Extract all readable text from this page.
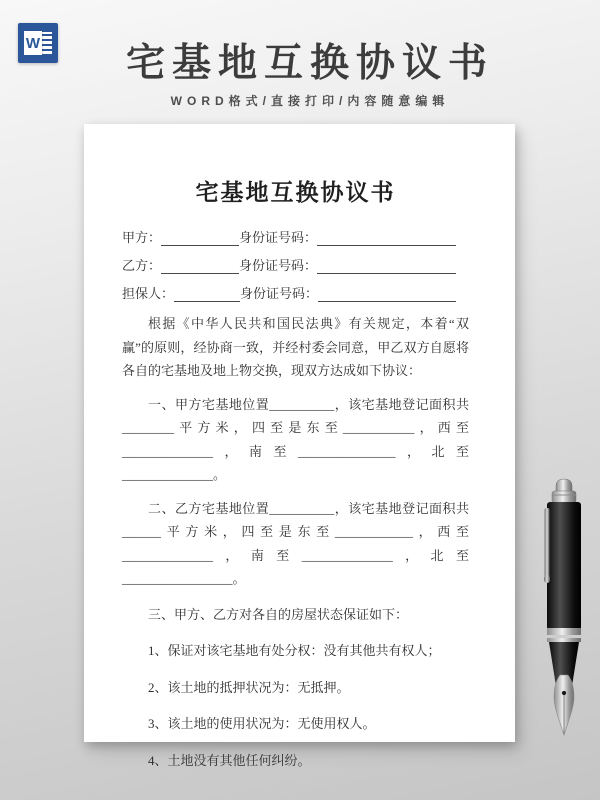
W	宅基地互换协议书
WORD格式/直接打印/内容随意编辑
宅基地互换协议书
甲方：	身份证号码：
乙方：	身份证号码：
担保人：	身份证号码：

根据《中华人民共和国民法典》有关规定，本着“双赢”的原则，经协商一致，并经村委会同意，甲乙双方自愿将各自的宅基地及地上物交换，现双方达成如下协议：

一、甲方宅基地位置__________，该宅基地登记面积共________平方米，四至是东至___________，西至______________，南至_______________，北至______________。

二、乙方宅基地位置__________，该宅基地登记面积共______平方米，四至是东至____________，西至______________，南至______________，北至_________________。

三、甲方、乙方对各自的房屋状态保证如下：

1、保证对该宅基地有处分权：没有其他共有权人；

2、该土地的抵押状况为：无抵押。

3、该土地的使用状况为：无使用权人。

4、土地没有其他任何纠纷。
